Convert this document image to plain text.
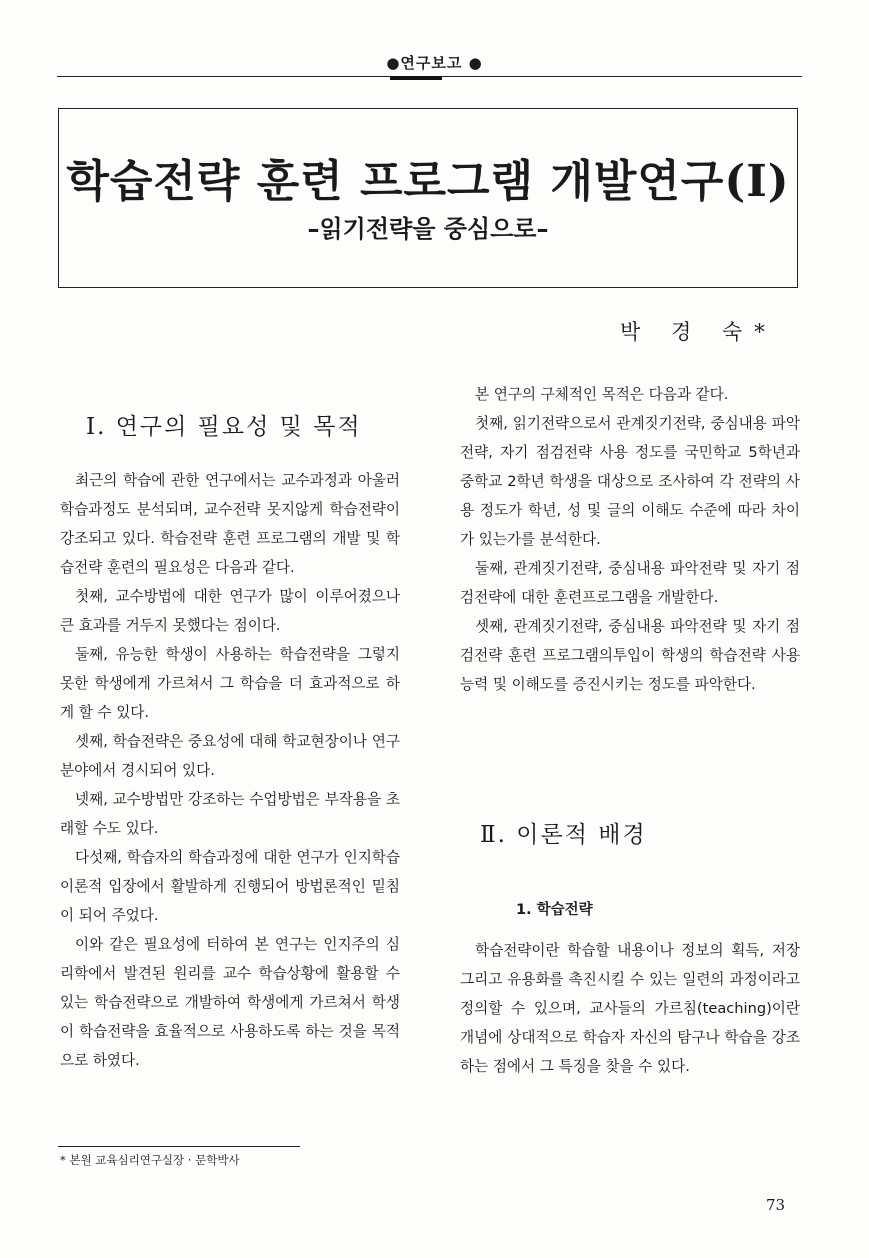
●연구보고 ●
학습전략 훈련 프로그램 개발연구(Ⅰ)
–읽기전략을 중심으로–
박 경 숙*
Ⅰ. 연구의 필요성 및 목적

최근의 학습에 관한 연구에서는 교수과정과 아울러 학습과정도 분석되며, 교수전략 못지않게 학습전략이 강조되고 있다. 학습전략 훈련 프로그램의 개발 및 학습전략 훈련의 필요성은 다음과 같다.

첫째, 교수방법에 대한 연구가 많이 이루어졌으나 큰 효과를 거두지 못했다는 점이다.

둘째, 유능한 학생이 사용하는 학습전략을 그렇지 못한 학생에게 가르쳐서 그 학습을 더 효과적으로 하게 할 수 있다.

셋째, 학습전략은 중요성에 대해 학교현장이나 연구분야에서 경시되어 있다.

넷째, 교수방법만 강조하는 수업방법은 부작용을 초래할 수도 있다.

다섯째, 학습자의 학습과정에 대한 연구가 인지학습 이론적 입장에서 활발하게 진행되어 방법론적인 밑침이 되어 주었다.

이와 같은 필요성에 터하여 본 연구는 인지주의 심리학에서 발견된 원리를 교수 학습상황에 활용할 수 있는 학습전략으로 개발하여 학생에게 가르쳐서 학생이 학습전략을 효율적으로 사용하도록 하는 것을 목적으로 하였다.

본 연구의 구체적인 목적은 다음과 같다.

첫째, 읽기전략으로서 관계짓기전략, 중심내용 파악전략, 자기 점검전략 사용 정도를 국민학교 5학년과 중학교 2학년 학생을 대상으로 조사하여 각 전략의 사용 정도가 학년, 성 및 글의 이해도 수준에 따라 차이가 있는가를 분석한다.

둘째, 관계짓기전략, 중심내용 파악전략 및 자기 점검전략에 대한 훈련프로그램을 개발한다.

셋째, 관계짓기전략, 중심내용 파악전략 및 자기 점검전략 훈련 프로그램의투입이 학생의 학습전략 사용 능력 및 이해도를 증진시키는 정도를 파악한다.

Ⅱ. 이론적 배경
1. 학습전략

학습전략이란 학습할 내용이나 정보의 획득, 저장 그리고 유용화를 촉진시킬 수 있는 일련의 과정이라고 정의할 수 있으며, 교사들의 가르침(teaching)이란 개념에 상대적으로 학습자 자신의 탐구나 학습을 강조하는 점에서 그 특징을 찾을 수 있다.

* 본원 교육심리연구실장 · 문학박사
73
